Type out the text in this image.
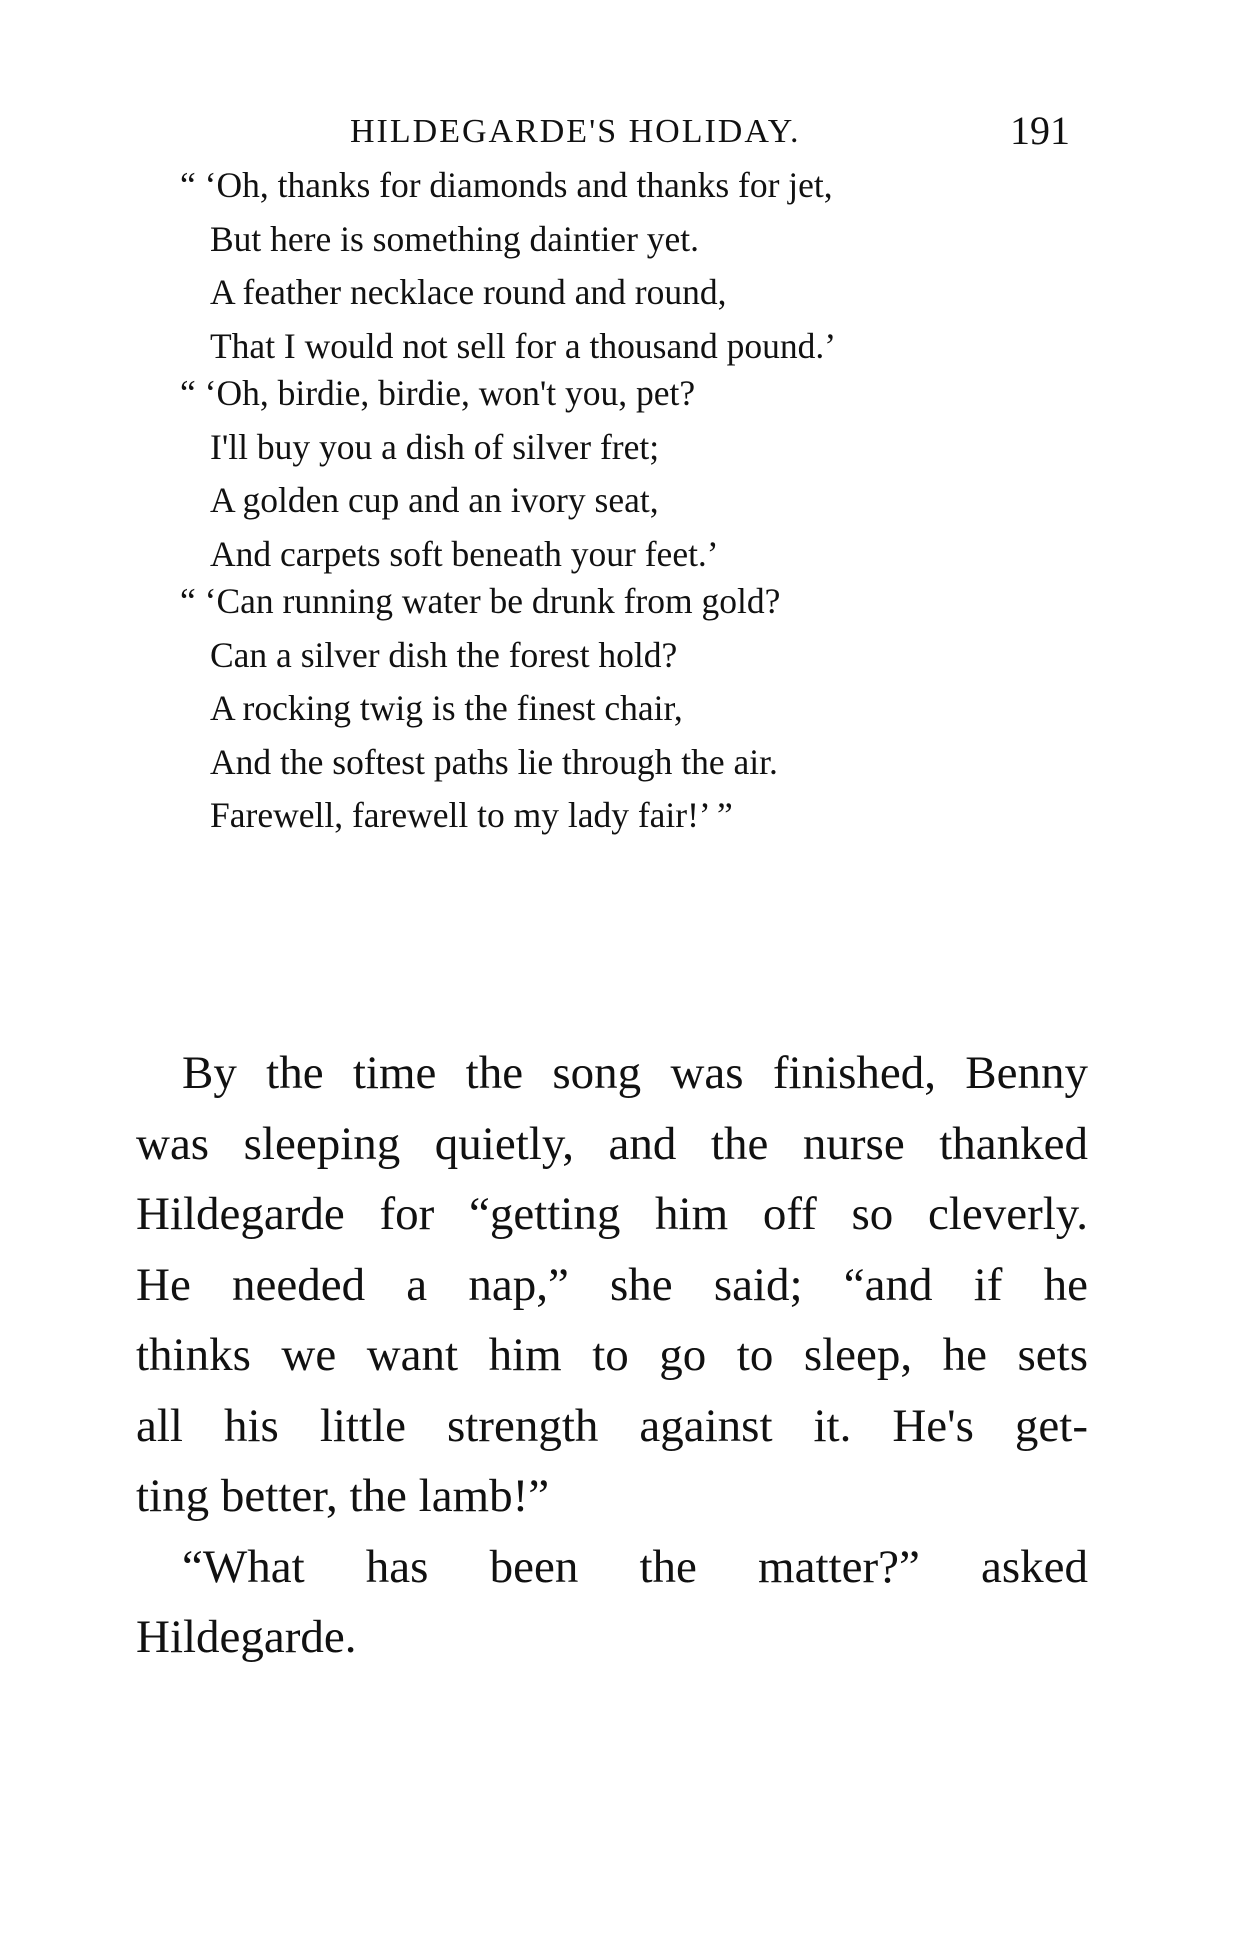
HILDEGARDE'S HOLIDAY.	191
“ ‘Oh, thanks for diamonds and thanks for jet,
But here is something daintier yet.
A feather necklace round and round,
That I would not sell for a thousand pound.’
“ ‘Oh, birdie, birdie, won't you, pet?
I'll buy you a dish of silver fret;
A golden cup and an ivory seat,
And carpets soft beneath your feet.’
“ ‘Can running water be drunk from gold?
Can a silver dish the forest hold?
A rocking twig is the finest chair,
And the softest paths lie through the air.
Farewell, farewell to my lady fair!’ ”
By the time the song was finished, Benny
was sleeping quietly, and the nurse thanked
Hildegarde for “getting him off so cleverly.
He needed a nap,” she said; “and if he
thinks we want him to go to sleep, he sets
all his little strength against it. He's get-
ting better, the lamb!”
“What has been the matter?” asked
Hildegarde.
